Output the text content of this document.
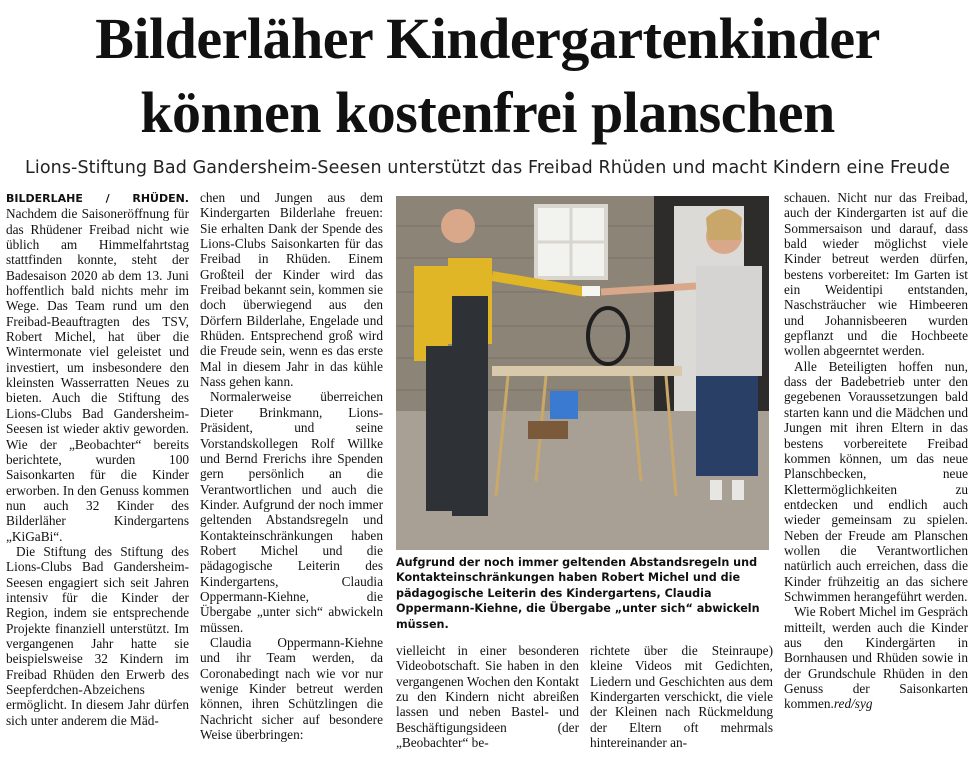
Bilderläher Kindergartenkinder
können kostenfrei planschen
Lions-Stiftung Bad Gandersheim-Seesen unterstützt das Freibad Rhüden und macht Kindern eine Freude

BILDERLAHE / RHÜDEN. Nachdem die Saisoneröffnung für das Rhüdener Freibad nicht wie üblich am Himmelfahrtstag stattfinden konnte, steht der Badesaison 2020 ab dem 13. Juni hoffentlich bald nichts mehr im Wege. Das Team rund um den Freibad-Beauftragten des TSV, Robert Michel, hat über die Wintermonate viel geleistet und investiert, um insbesondere den kleinsten Wasserratten Neues zu bieten. Auch die Stiftung des Lions-Clubs Bad Gandersheim-Seesen ist wieder aktiv geworden. Wie der „Beobachter“ bereits berichtete, wurden 100 Saisonkarten für die Kinder erworben. In den Genuss kommen nun auch 32 Kinder des Bilderläher Kindergartens „KiGaBi“.

Die Stiftung des Stiftung des Lions-Clubs Bad Gandersheim-Seesen engagiert sich seit Jahren intensiv für die Kinder der Region, indem sie entsprechende Projekte finanziell unterstützt. Im vergangenen Jahr hatte sie beispielsweise 32 Kindern im Freibad Rhüden den Erwerb des Seepferdchen-Abzeichens ermöglicht. In diesem Jahr dürfen sich unter anderem die Mäd-

chen und Jungen aus dem Kindergarten Bilderlahe freuen: Sie erhalten Dank der Spende des Lions-Clubs Saisonkarten für das Freibad in Rhüden. Einem Großteil der Kinder wird das Freibad bekannt sein, kommen sie doch überwiegend aus den Dörfern Bilderlahe, Engelade und Rhüden. Entsprechend groß wird die Freude sein, wenn es das erste Mal in diesem Jahr in das kühle Nass gehen kann.

Normalerweise überreichen Dieter Brinkmann, Lions-Präsident, und seine Vorstandskollegen Rolf Willke und Bernd Frerichs ihre Spenden gern persönlich an die Verantwortlichen und auch die Kinder. Aufgrund der noch immer geltenden Abstandsregeln und Kontakteinschränkungen haben Robert Michel und die pädagogische Leiterin des Kindergartens, Claudia Oppermann-Kiehne, die Übergabe „unter sich“ abwickeln müssen.

Claudia Oppermann-Kiehne und ihr Team werden, da Coronabedingt nach wie vor nur wenige Kinder betreut werden können, ihren Schützlingen die Nachricht sicher auf besondere Weise überbringen:

Aufgrund der noch immer geltenden Abstandsregeln und Kontakteinschränkungen haben Robert Michel und die pädagogische Leiterin des Kindergartens, Claudia Oppermann-Kiehne, die Übergabe „unter sich“ abwickeln müssen.

vielleicht in einer besonderen Videobotschaft. Sie haben in den vergangenen Wochen den Kontakt zu den Kindern nicht abreißen lassen und neben Bastel- und Beschäftigungsideen (der „Beobachter“ be-

richtete über die Steinraupe) kleine Videos mit Gedichten, Liedern und Geschichten aus dem Kindergarten verschickt, die viele der Kleinen nach Rückmeldung der Eltern oft mehrmals hintereinander an-

schauen. Nicht nur das Freibad, auch der Kindergarten ist auf die Sommersaison und darauf, dass bald wieder möglichst viele Kinder betreut werden dürfen, bestens vorbereitet: Im Garten ist ein Weidentipi entstanden, Naschsträucher wie Himbeeren und Johannisbeeren wurden gepflanzt und die Hochbeete wollen abgeerntet werden.

Alle Beteiligten hoffen nun, dass der Badebetrieb unter den gegebenen Voraussetzungen bald starten kann und die Mädchen und Jungen mit ihren Eltern in das bestens vorbereitete Freibad kommen können, um das neue Planschbecken, neue Klettermöglichkeiten zu entdecken und endlich auch wieder gemeinsam zu spielen. Neben der Freude am Planschen wollen die Verantwortlichen natürlich auch erreichen, dass die Kinder frühzeitig an das sichere Schwimmen herangeführt werden.

Wie Robert Michel im Gespräch mitteilt, werden auch die Kinder aus den Kindergärten in Bornhausen und Rhüden sowie in der Grundschule Rhüden in den Genuss der Saisonkarten kommen.red/syg
